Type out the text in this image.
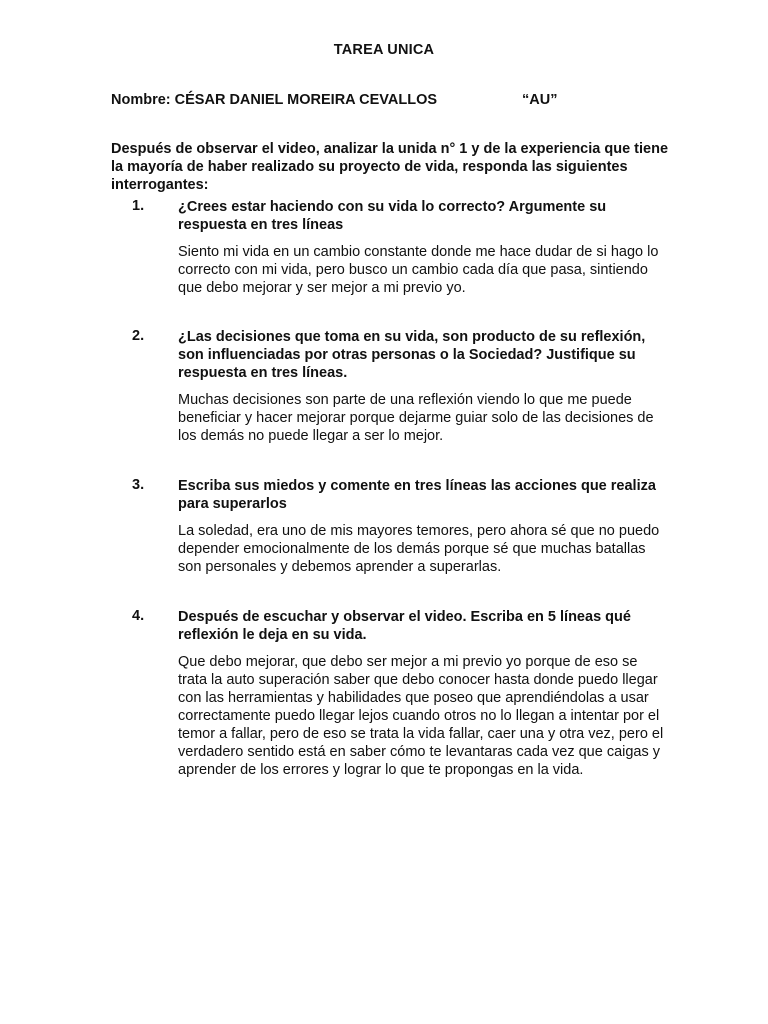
TAREA UNICA
Nombre: CÉSAR DANIEL MOREIRA CEVALLOS	“AU”
Después de observar el video, analizar la unida n° 1 y de la experiencia que tiene la mayoría de haber realizado su proyecto de vida, responda las siguientes interrogantes:
1. ¿Crees estar haciendo con su vida lo correcto? Argumente su respuesta en tres líneas
Siento mi vida en un cambio constante donde me hace dudar de si hago lo correcto con mi vida, pero busco un cambio cada día que pasa, sintiendo que debo mejorar y ser mejor a mi previo yo.
2. ¿Las decisiones que toma en su vida, son producto de su reflexión, son influenciadas por otras personas o la Sociedad? Justifique su respuesta en tres líneas.
Muchas decisiones son parte de una reflexión viendo lo que me puede beneficiar y hacer mejorar porque dejarme guiar solo de las decisiones de los demás no puede llegar a ser lo mejor.
3. Escriba sus miedos y comente en tres líneas las acciones que realiza para superarlos
La soledad, era uno de mis mayores temores, pero ahora sé que no puedo depender emocionalmente de los demás porque sé que muchas batallas son personales y debemos aprender a superarlas.
4. Después de escuchar y observar el video. Escriba en 5 líneas qué reflexión le deja en su vida.
Que debo mejorar, que debo ser mejor a mi previo yo porque de eso se trata la auto superación saber que debo conocer hasta donde puedo llegar con las herramientas y habilidades que poseo que aprendiéndolas a usar correctamente puedo llegar lejos cuando otros no lo llegan a intentar por el temor a fallar, pero de eso se trata la vida fallar, caer una y otra vez, pero el verdadero sentido está en saber cómo te levantaras cada vez que caigas y aprender de los errores y lograr lo que te propongas en la vida.
